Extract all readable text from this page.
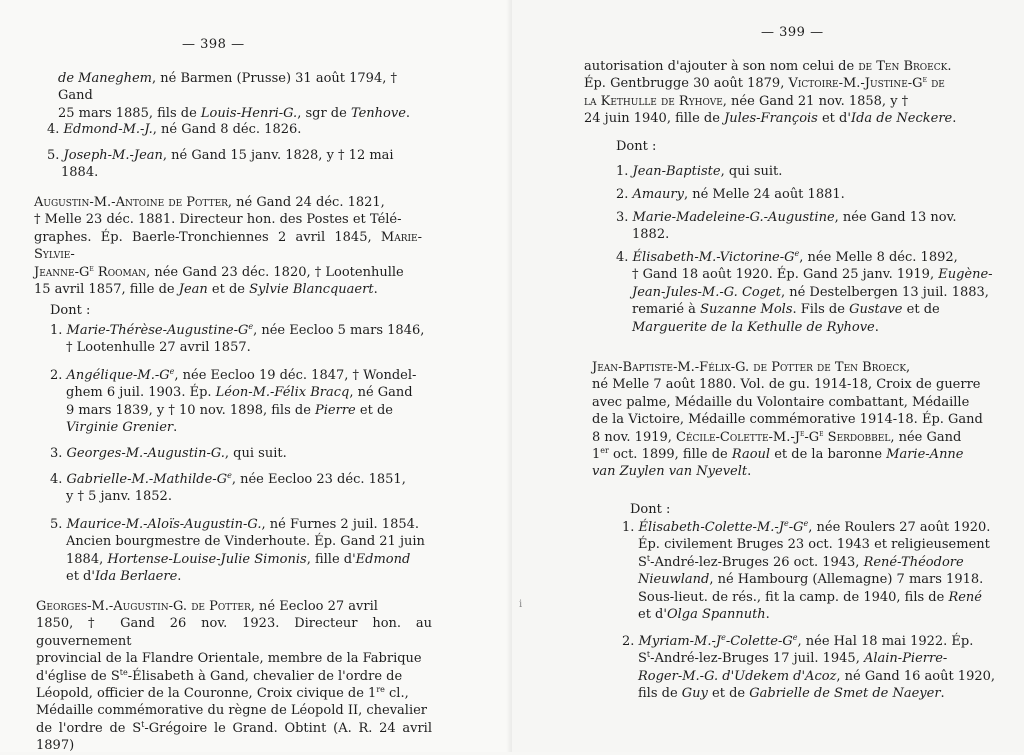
— 398 —
de Maneghem, né Barmen (Prusse) 31 août 1794, † Gand
25 mars 1885, fils de Louis-Henri-G., sgr de Tenhove.
4. Edmond-M.-J., né Gand 8 déc. 1826.
5. Joseph-M.-Jean, né Gand 15 janv. 1828, y † 12 mai
1884.
Augustin-M.-Antoine de Potter, né Gand 24 déc. 1821,
† Melle 23 déc. 1881. Directeur hon. des Postes et Télé-
graphes. Ép. Baerle-Tronchiennes 2 avril 1845, Marie-Sylvie-
Jeanne-$G^e$ Rooman, née Gand 23 déc. 1820, † Lootenhulle
15 avril 1857, fille de Jean et de Sylvie Blancquaert.
Dont :
1. Marie-$Thérèse-Augustine-G^e$, née Eecloo 5 mars 1846,
† Lootenhulle 27 avril 1857.
2. Angélique-$M.-G^e$, née Eecloo 19 déc. 1847, † Wondel-
ghem 6 juil. 1903. Ép. Léon-M.-Félix Bracq, né Gand
9 mars 1839, y † 10 nov. 1898, fils de Pierre et de
Virginie Grenier.
3. Georges-M.-Augustin-G., qui suit.
4. Gabrielle-$M.-Mathilde-G^e$, née Eecloo 23 déc. 1851,
y † 5 janv. 1852.
5. Maurice-M.-Aloïs-Augustin-G., né Furnes 2 juil. 1854.
Ancien bourgmestre de Vinderhoute. Ép. Gand 21 juin
1884, Hortense-Louise-Julie Simonis, fille d'Edmond
et d'Ida Berlaere.
Georges-M.-Augustin-G. de Potter, né Eecloo 27 avril
1850, † Gand 26 nov. 1923. Directeur hon. au gouvernement
provincial de la Flandre Orientale, membre de la Fabrique
d'église de $S^{te}$-Élisabeth à Gand, chevalier de l'ordre de
Léopold, officier de la Couronne, Croix civique de 1re cl.,
Médaille commémorative du règne de Léopold II, chevalier
de l'ordre de $S^t$-Grégoire le Grand. Obtint (A. R. 24 avril 1897)
— 399 —
autorisation d'ajouter à son nom celui de de Ten Broeck.
Ép. Gentbrugge 30 août 1879, Victoire-$M.-Justine-G^e$ de
la Kethulle de Ryhove, née Gand 21 nov. 1858, y †
24 juin 1940, fille de Jules-François et d'Ida de Neckere.
Dont :
1. Jean-Baptiste, qui suit.
2. Amaury, né Melle 24 août 1881.
3. Marie-Madeleine-G.-Augustine, née Gand 13 nov.
1882.
4. Élisabeth-$M.-Victorine-G^e$, née Melle 8 déc. 1892,
† Gand 18 août 1920. Ép. Gand 25 janv. 1919, Eugène-
Jean-Jules-M.-G. Coget, né Destelbergen 13 juil. 1883,
remarié à Suzanne Mols. Fils de Gustave et de
Marguerite de la Kethulle de Ryhove.
Jean-Baptiste-M.-Félix-G. de Potter de Ten Broeck,
né Melle 7 août 1880. Vol. de gu. 1914-18, Croix de guerre
avec palme, Médaille du Volontaire combattant, Médaille
de la Victoire, Médaille commémorative 1914-18. Ép. Gand
8 nov. 1919, Cécile-$Colette-M.-J^e-G^e$ Serdobbel, née Gand
1er oct. 1899, fille de Raoul et de la baronne Marie-Anne
van Zuylen van Nyevelt.
Dont :
1. Élisabeth-$Colette-M.-J^e-G^e$, née Roulers 27 août 1920.
Ép. civilement Bruges 23 oct. 1943 et religieusement
$S^t-André-lez$-Bruges 26 oct. 1943, René-Théodore
Nieuwland, né Hambourg (Allemagne) 7 mars 1918.
Sous-lieut. de rés., fit la camp. de 1940, fils de René
et d'Olga Spannuth.
2. Myriam-$M.-J^e-Colette-G^e$, née Hal 18 mai 1922. Ép.
$S^t-André-lez$-Bruges 17 juil. 1945, Alain-Pierre-
Roger-M.-G. d'Udekem d'Acoz, né Gand 16 août 1920,
fils de Guy et de Gabrielle de Smet de Naeyer.
i
